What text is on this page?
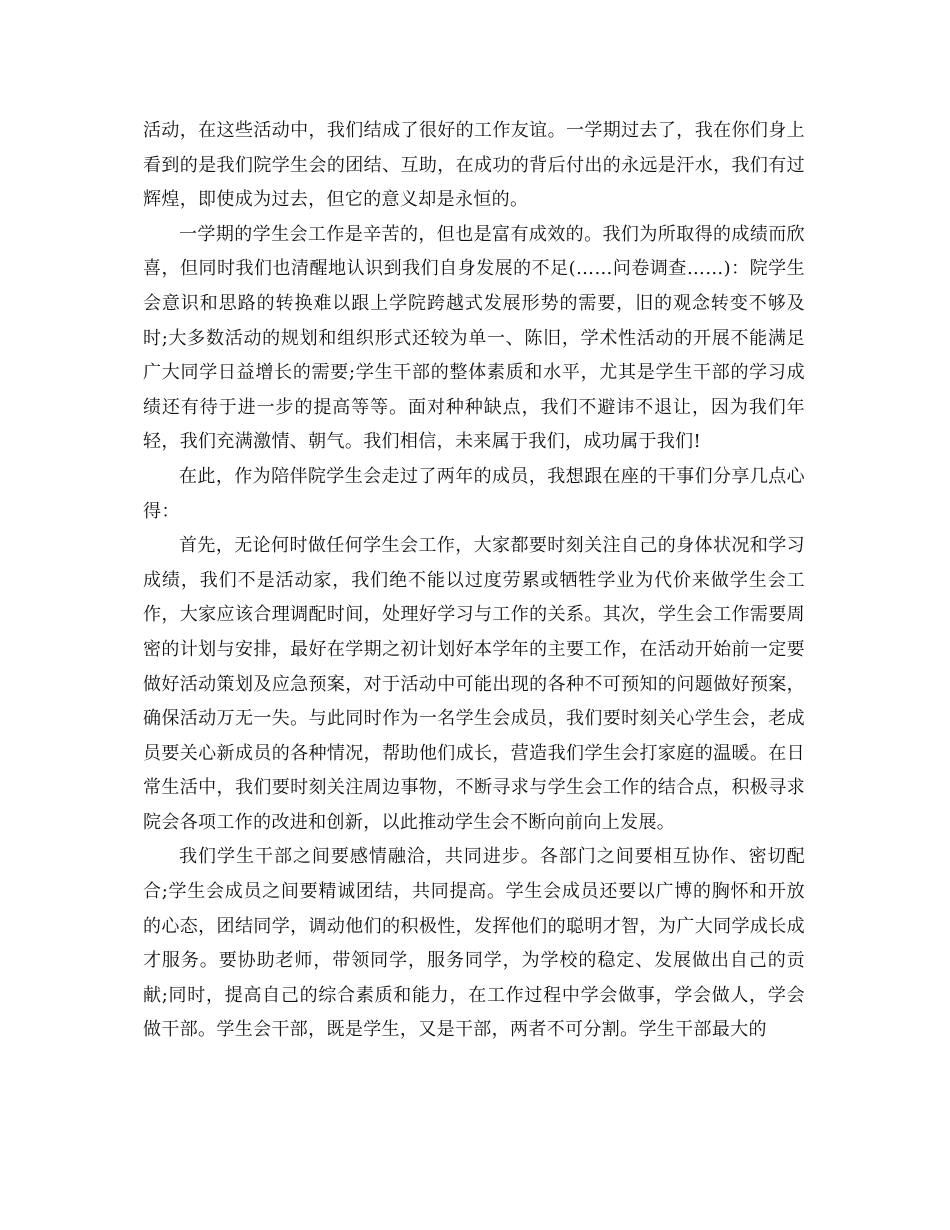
活动，在这些活动中，我们结成了很好的工作友谊。一学期过去了，我在你们身上看到的是我们院学生会的团结、互助，在成功的背后付出的永远是汗水，我们有过辉煌，即使成为过去，但它的意义却是永恒的。

一学期的学生会工作是辛苦的，但也是富有成效的。我们为所取得的成绩而欣喜，但同时我们也清醒地认识到我们自身发展的不足(……问卷调查……)：院学生会意识和思路的转换难以跟上学院跨越式发展形势的需要，旧的观念转变不够及时;大多数活动的规划和组织形式还较为单一、陈旧，学术性活动的开展不能满足广大同学日益增长的需要;学生干部的整体素质和水平，尤其是学生干部的学习成绩还有待于进一步的提高等等。面对种种缺点，我们不避讳不退让，因为我们年轻，我们充满激情、朝气。我们相信，未来属于我们，成功属于我们!

在此，作为陪伴院学生会走过了两年的成员，我想跟在座的干事们分享几点心得：

首先，无论何时做任何学生会工作，大家都要时刻关注自己的身体状况和学习成绩，我们不是活动家，我们绝不能以过度劳累或牺牲学业为代价来做学生会工作，大家应该合理调配时间，处理好学习与工作的关系。其次，学生会工作需要周密的计划与安排，最好在学期之初计划好本学年的主要工作，在活动开始前一定要做好活动策划及应急预案，对于活动中可能出现的各种不可预知的问题做好预案，确保活动万无一失。与此同时作为一名学生会成员，我们要时刻关心学生会，老成员要关心新成员的各种情况，帮助他们成长，营造我们学生会打家庭的温暖。在日常生活中，我们要时刻关注周边事物，不断寻求与学生会工作的结合点，积极寻求院会各项工作的改进和创新，以此推动学生会不断向前向上发展。

我们学生干部之间要感情融洽，共同进步。各部门之间要相互协作、密切配合;学生会成员之间要精诚团结，共同提高。学生会成员还要以广博的胸怀和开放的心态，团结同学，调动他们的积极性，发挥他们的聪明才智，为广大同学成长成才服务。要协助老师，带领同学，服务同学，为学校的稳定、发展做出自己的贡献;同时，提高自己的综合素质和能力，在工作过程中学会做事，学会做人，学会做干部。学生会干部，既是学生，又是干部，两者不可分割。学生干部最大的
